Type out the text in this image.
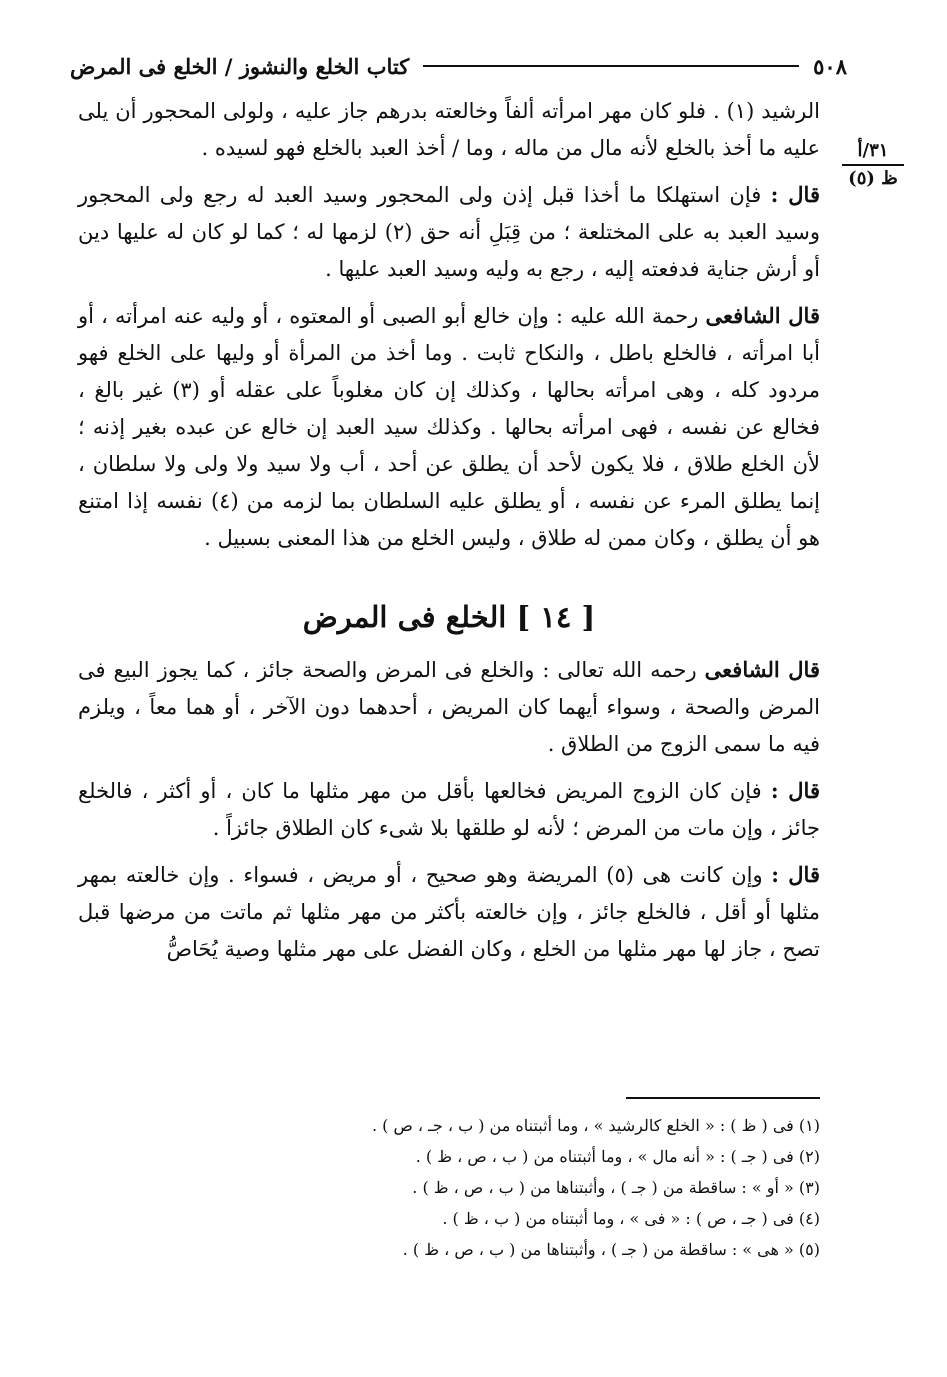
٥٠٨
كتاب الخلع والنشوز / الخلع فى المرض
٣١/أ
ظ (٥)

الرشيد (١) . فلو كان مهر امرأته ألفاً وخالعته بدرهم جاز عليه ، ولولى المحجور أن يلى عليه ما أخذ بالخلع لأنه مال من ماله ، وما / أخذ العبد بالخلع فهو لسيده .

قال : فإن استهلكا ما أخذا قبل إذن ولى المحجور وسيد العبد له رجع ولى المحجور وسيد العبد به على المختلعة ؛ من قِبَلِ أنه حق (٢) لزمها له ؛ كما لو كان له عليها دين أو أرش جناية فدفعته إليه ، رجع به وليه وسيد العبد عليها .

قال الشافعى رحمة الله عليه : وإن خالع أبو الصبى أو المعتوه ، أو وليه عنه امرأته ، أو أبا امرأته ، فالخلع باطل ، والنكاح ثابت . وما أخذ من المرأة أو وليها على الخلع فهو مردود كله ، وهى امرأته بحالها ، وكذلك إن كان مغلوباً على عقله أو (٣) غير بالغ ، فخالع عن نفسه ، فهى امرأته بحالها . وكذلك سيد العبد إن خالع عن عبده بغير إذنه ؛ لأن الخلع طلاق ، فلا يكون لأحد أن يطلق عن أحد ، أب ولا سيد ولا ولى ولا سلطان ، إنما يطلق المرء عن نفسه ، أو يطلق عليه السلطان بما لزمه من (٤) نفسه إذا امتنع هو أن يطلق ، وكان ممن له طلاق ، وليس الخلع من هذا المعنى بسبيل .

[ ١٤ ] الخلع فى المرض

قال الشافعى رحمه الله تعالى : والخلع فى المرض والصحة جائز ، كما يجوز البيع فى المرض والصحة ، وسواء أيهما كان المريض ، أحدهما دون الآخر ، أو هما معاً ، ويلزم فيه ما سمى الزوج من الطلاق .

قال : فإن كان الزوج المريض فخالعها بأقل من مهر مثلها ما كان ، أو أكثر ، فالخلع جائز ، وإن مات من المرض ؛ لأنه لو طلقها بلا شىء كان الطلاق جائزاً .

قال : وإن كانت هى (٥) المريضة وهو صحيح ، أو مريض ، فسواء . وإن خالعته بمهر مثلها أو أقل ، فالخلع جائز ، وإن خالعته بأكثر من مهر مثلها ثم ماتت من مرضها قبل تصح ، جاز لها مهر مثلها من الخلع ، وكان الفضل على مهر مثلها وصية يُحَاصُّ

(١) فى ( ظ ) : « الخلع كالرشيد » ، وما أثبتناه من ( ب ، جـ ، ص ) .
(٢) فى ( جـ ) : « أنه مال » ، وما أثبتناه من ( ب ، ص ، ظ ) .
(٣) « أو » : ساقطة من ( جـ ) ، وأثبتناها من ( ب ، ص ، ظ ) .
(٤) فى ( جـ ، ص ) : « فى » ، وما أثبتناه من ( ب ، ظ ) .
(٥) « هى » : ساقطة من ( جـ ) ، وأثبتناها من ( ب ، ص ، ظ ) .
